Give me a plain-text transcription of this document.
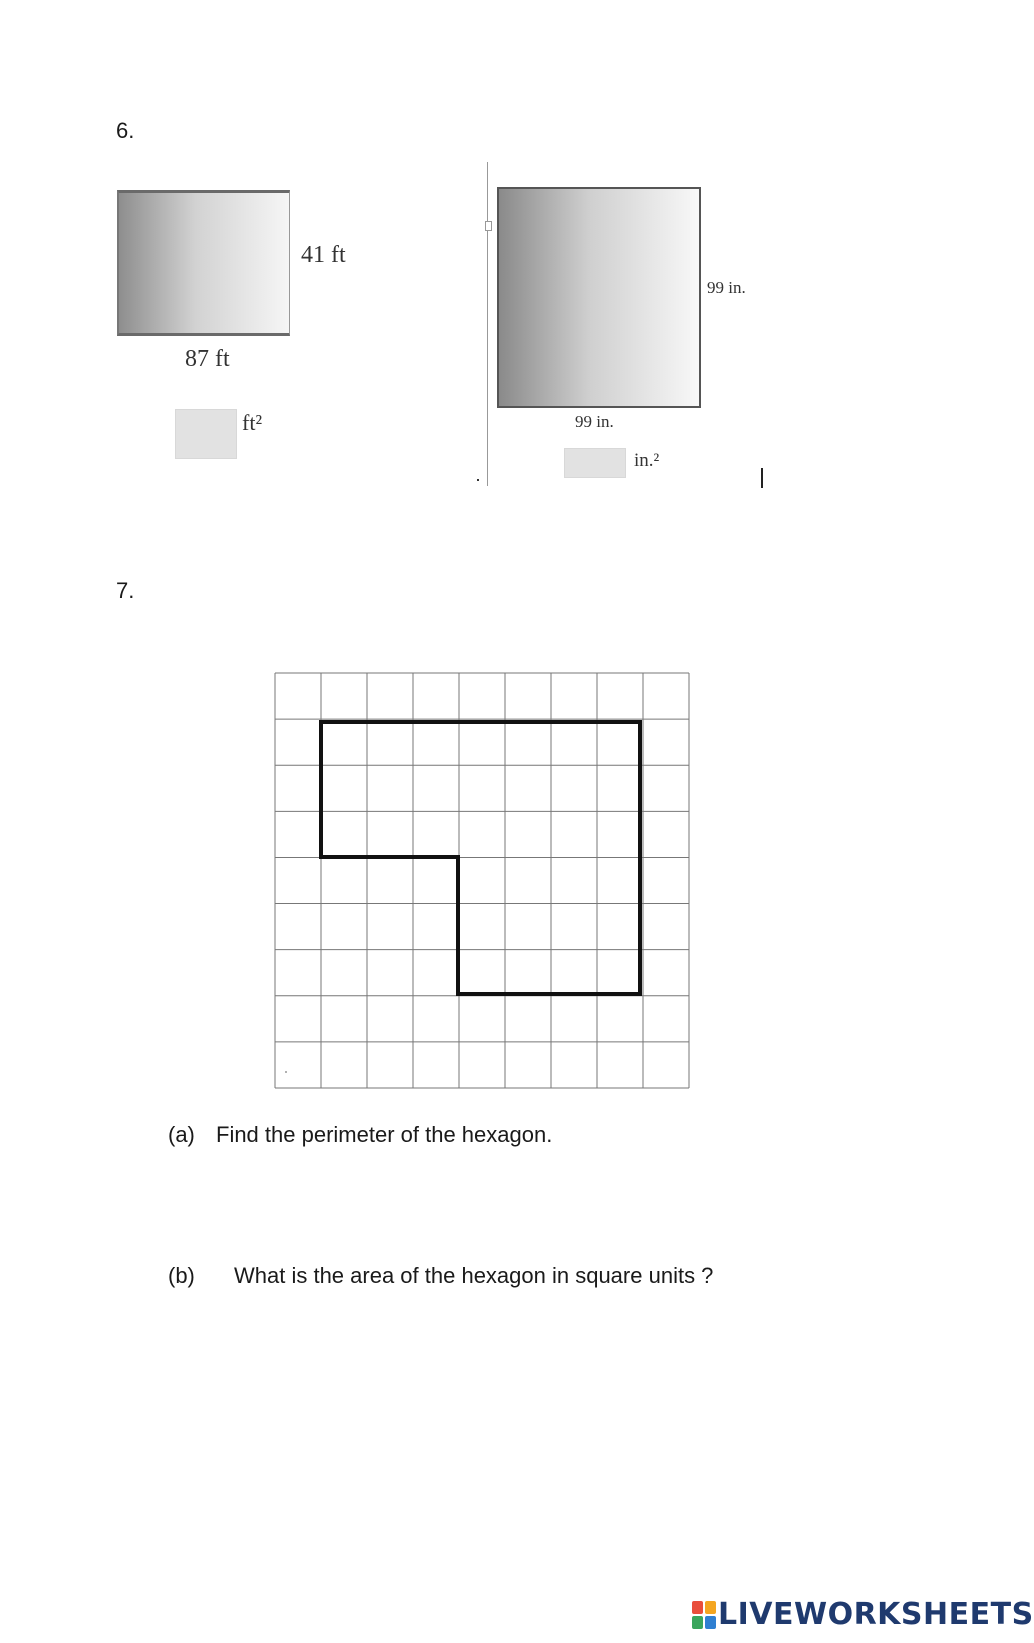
6.
41 ft
87 ft
ft²
99 in.
99 in.
in.²
7.
(a) Find the perimeter of the hexagon.
(b) What is the area of the hexagon in square units ?
LIVEWORKSHEETS
